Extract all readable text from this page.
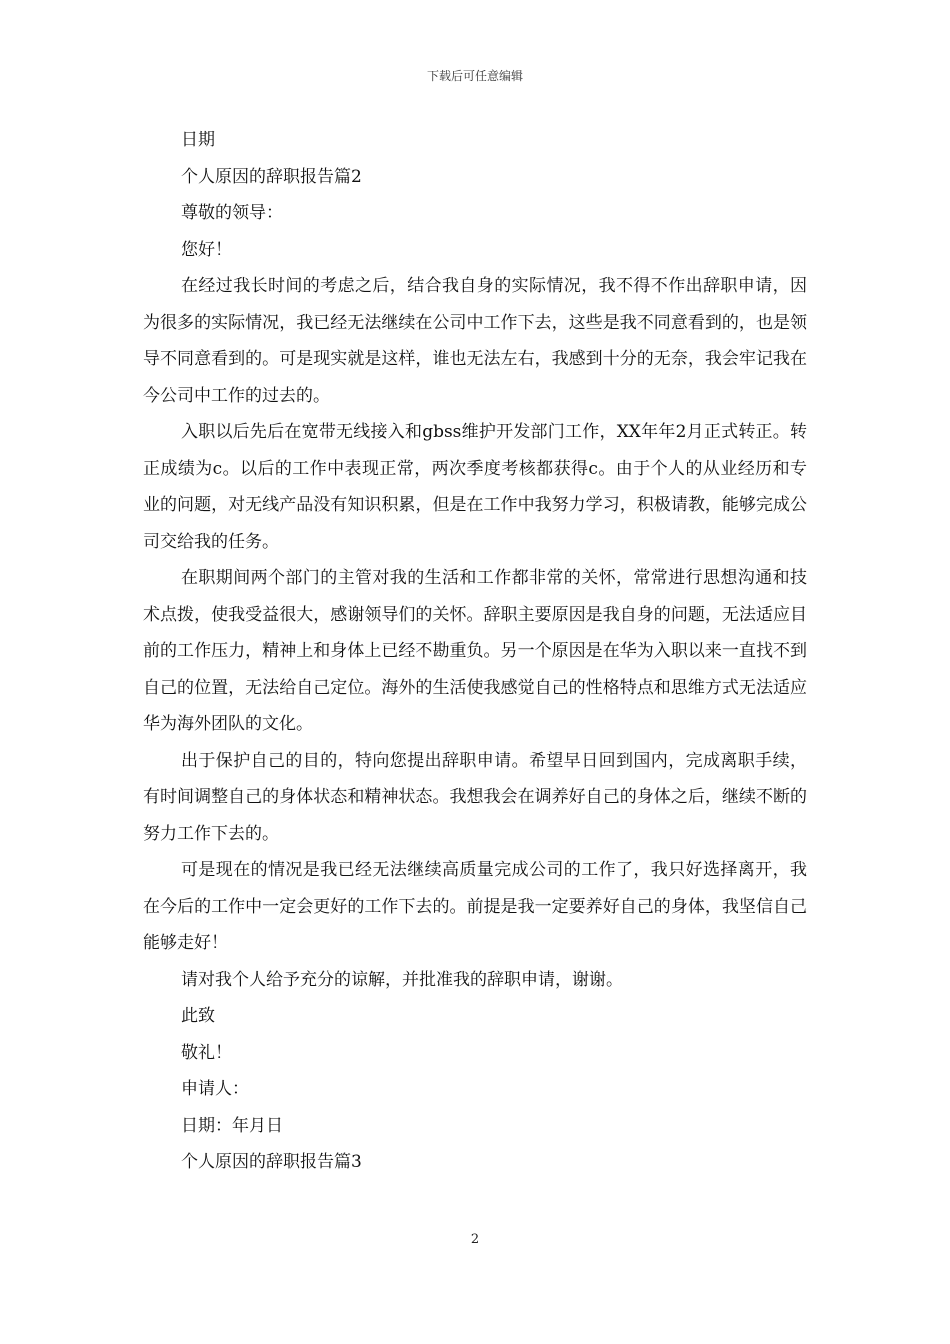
下载后可任意编辑

日期

个人原因的辞职报告篇2

尊敬的领导：

您好！

在经过我长时间的考虑之后，结合我自身的实际情况，我不得不作出辞职申请，因为很多的实际情况，我已经无法继续在公司中工作下去，这些是我不同意看到的，也是领导不同意看到的。可是现实就是这样，谁也无法左右，我感到十分的无奈，我会牢记我在今公司中工作的过去的。

入职以后先后在宽带无线接入和gbss维护开发部门工作，XX年年2月正式转正。转正成绩为c。以后的工作中表现正常，两次季度考核都获得c。由于个人的从业经历和专业的问题，对无线产品没有知识积累，但是在工作中我努力学习，积极请教，能够完成公司交给我的任务。

在职期间两个部门的主管对我的生活和工作都非常的关怀，常常进行思想沟通和技术点拨，使我受益很大，感谢领导们的关怀。辞职主要原因是我自身的问题，无法适应目前的工作压力，精神上和身体上已经不勘重负。另一个原因是在华为入职以来一直找不到自己的位置，无法给自己定位。海外的生活使我感觉自己的性格特点和思维方式无法适应华为海外团队的文化。

出于保护自己的目的，特向您提出辞职申请。希望早日回到国内，完成离职手续，有时间调整自己的身体状态和精神状态。我想我会在调养好自己的身体之后，继续不断的努力工作下去的。

可是现在的情况是我已经无法继续高质量完成公司的工作了，我只好选择离开，我在今后的工作中一定会更好的工作下去的。前提是我一定要养好自己的身体，我坚信自己能够走好！

请对我个人给予充分的谅解，并批准我的辞职申请，谢谢。

此致

敬礼！

申请人：

日期：年月日

个人原因的辞职报告篇3

2
